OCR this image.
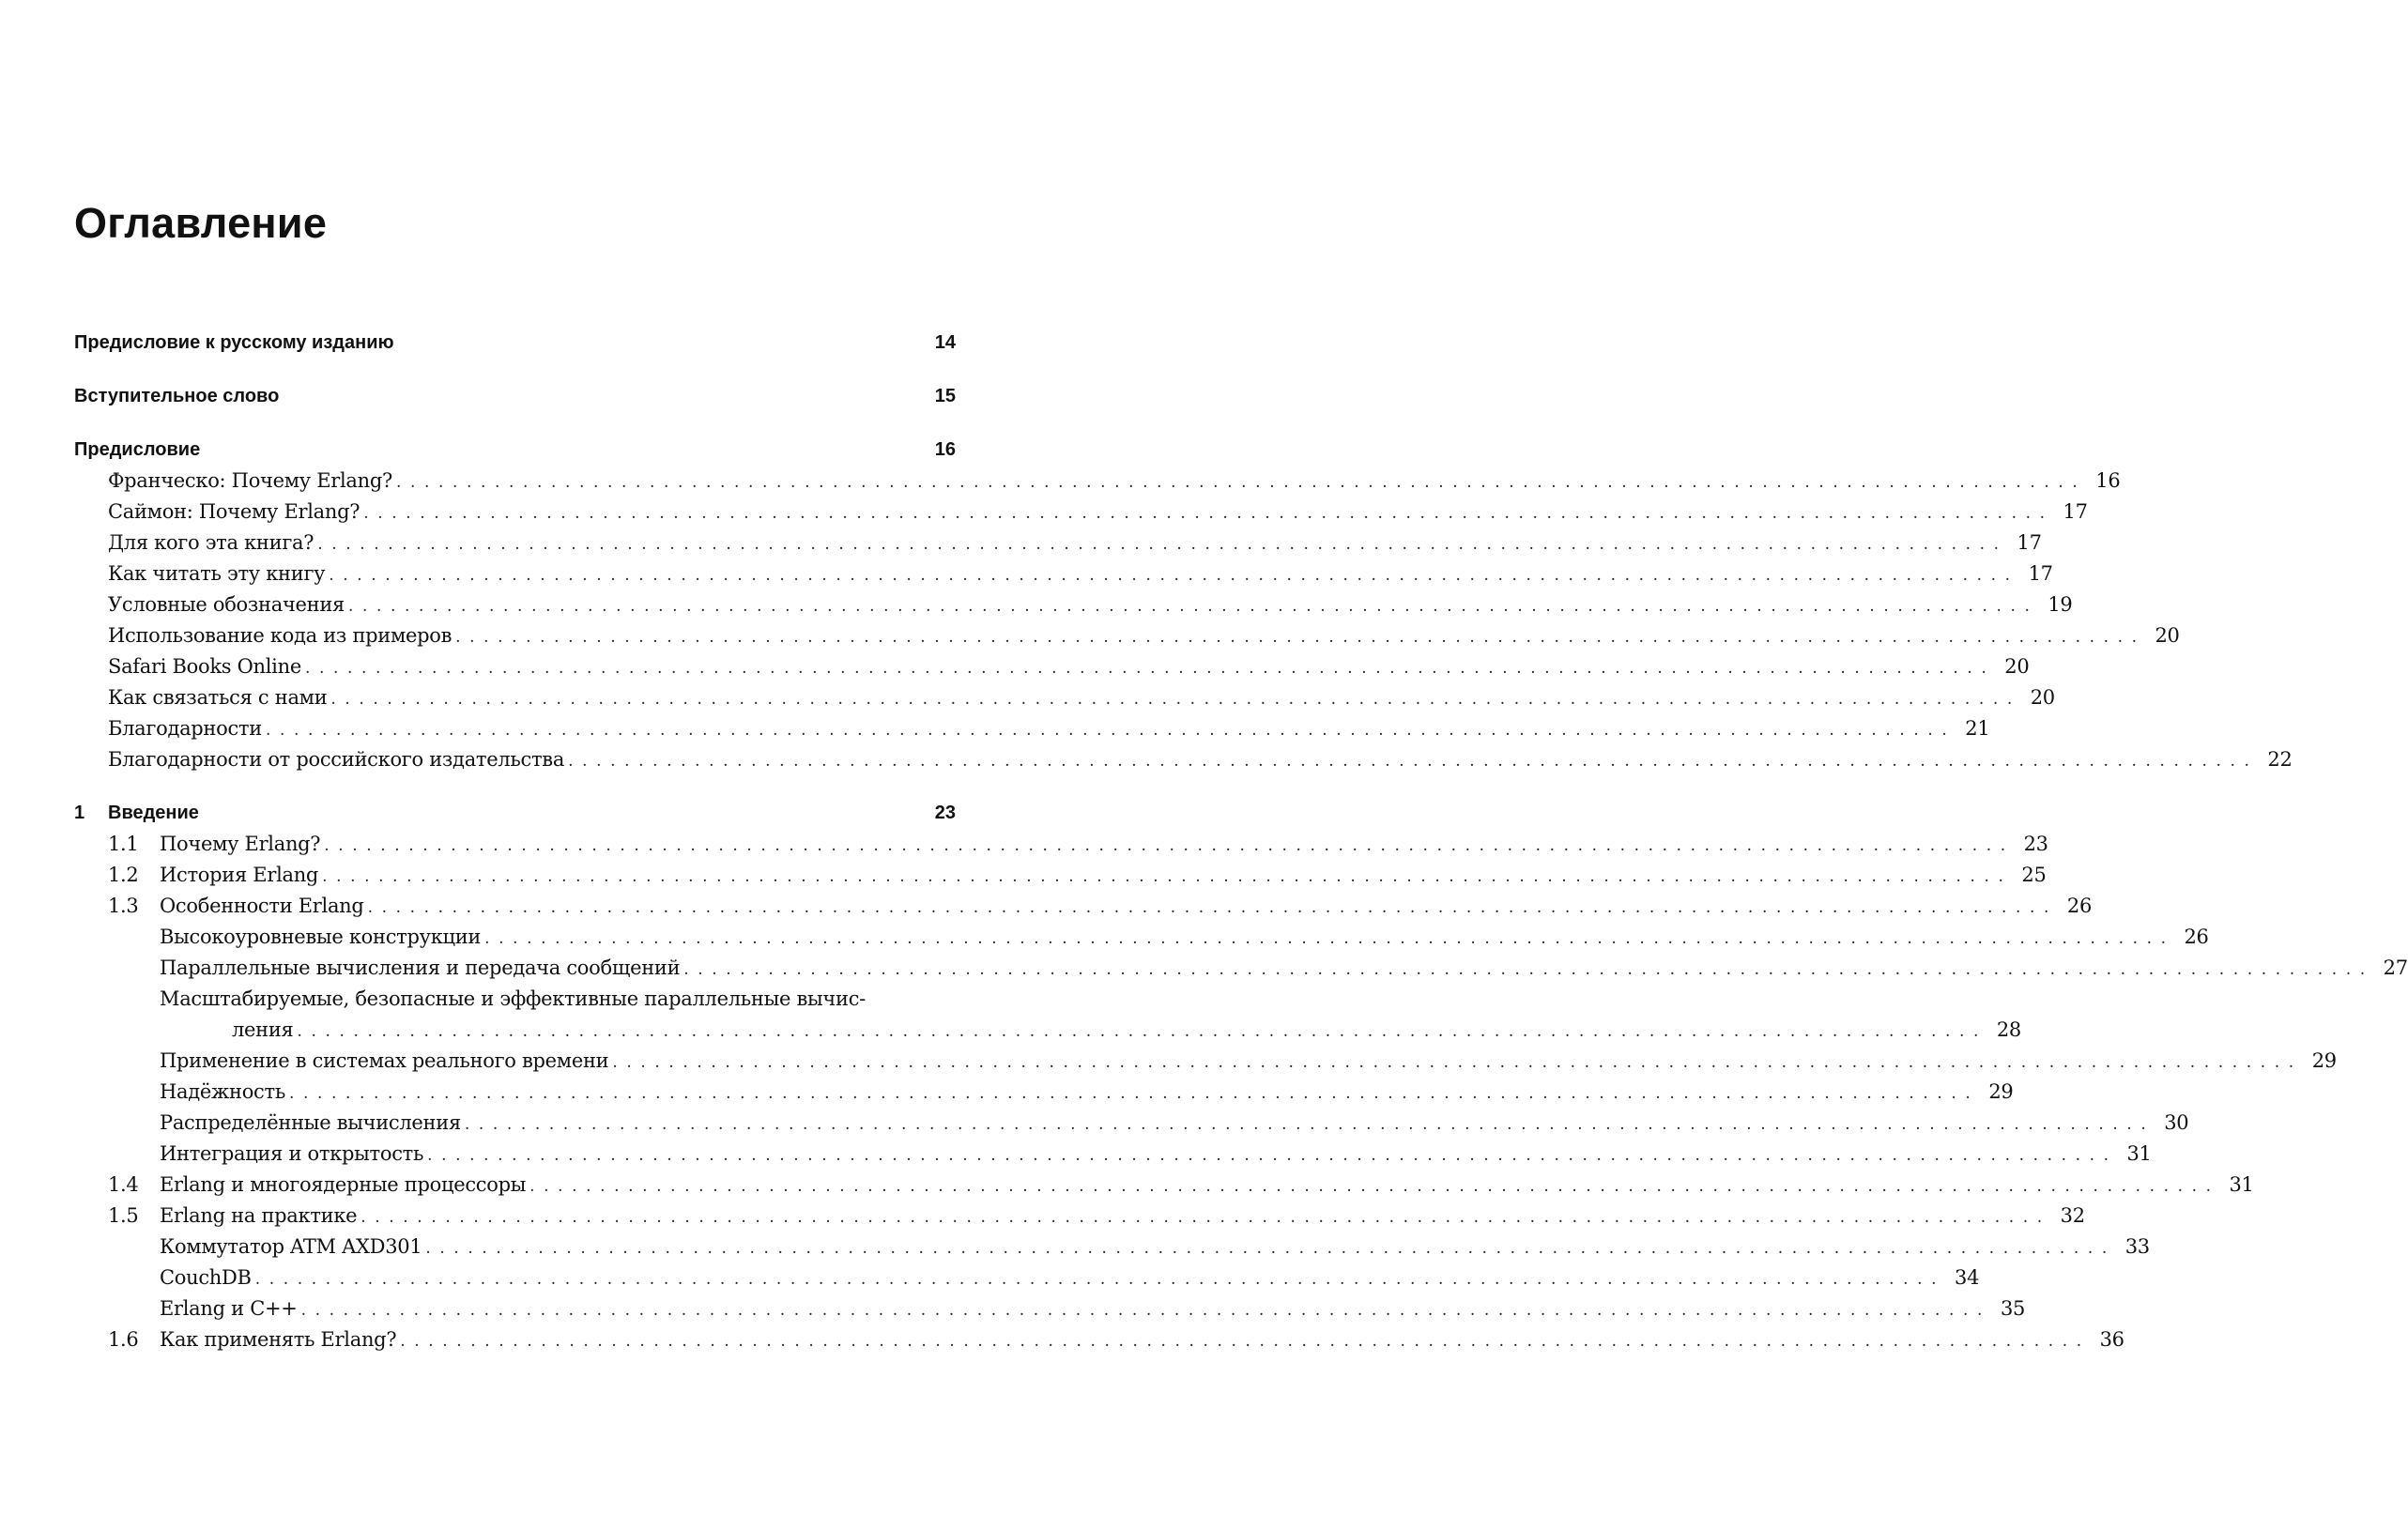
Оглавление
Предисловие к русскому изданию	14
Вступительное слово	15
Предисловие	16
Франческо: Почему Erlang? ........................................................................................................................ 16
Саймон: Почему Erlang? ........................................................................................................................ 17
Для кого эта книга? ........................................................................................................................ 17
Как читать эту книгу ........................................................................................................................ 17
Условные обозначения ........................................................................................................................ 19
Использование кода из примеров ........................................................................................................................ 20
Safari Books Online ........................................................................................................................ 20
Как связаться с нами ........................................................................................................................ 20
Благодарности ........................................................................................................................ 21
Благодарности от российского издательства ........................................................................................................................ 22
1	Введение	23
1.1	Почему Erlang? ........................................................................................................................ 23
1.2	История Erlang ........................................................................................................................ 25
1.3	Особенности Erlang ........................................................................................................................ 26
Высокоуровневые конструкции ........................................................................................................................ 26
Параллельные вычисления и передача сообщений ........................................................................................................................ 27
Масштабируемые, безопасные и эффективные параллельные вычис-
ления ........................................................................................................................ 28
Применение в системах реального времени ........................................................................................................................ 29
Надёжность ........................................................................................................................ 29
Распределённые вычисления ........................................................................................................................ 30
Интеграция и открытость ........................................................................................................................ 31
1.4	Erlang и многоядерные процессоры ........................................................................................................................ 31
1.5	Erlang на практике ........................................................................................................................ 32
Коммутатор ATM AXD301 ........................................................................................................................ 33
CouchDB ........................................................................................................................ 34
Erlang и C++ ........................................................................................................................ 35
1.6	Как применять Erlang? ........................................................................................................................ 36
